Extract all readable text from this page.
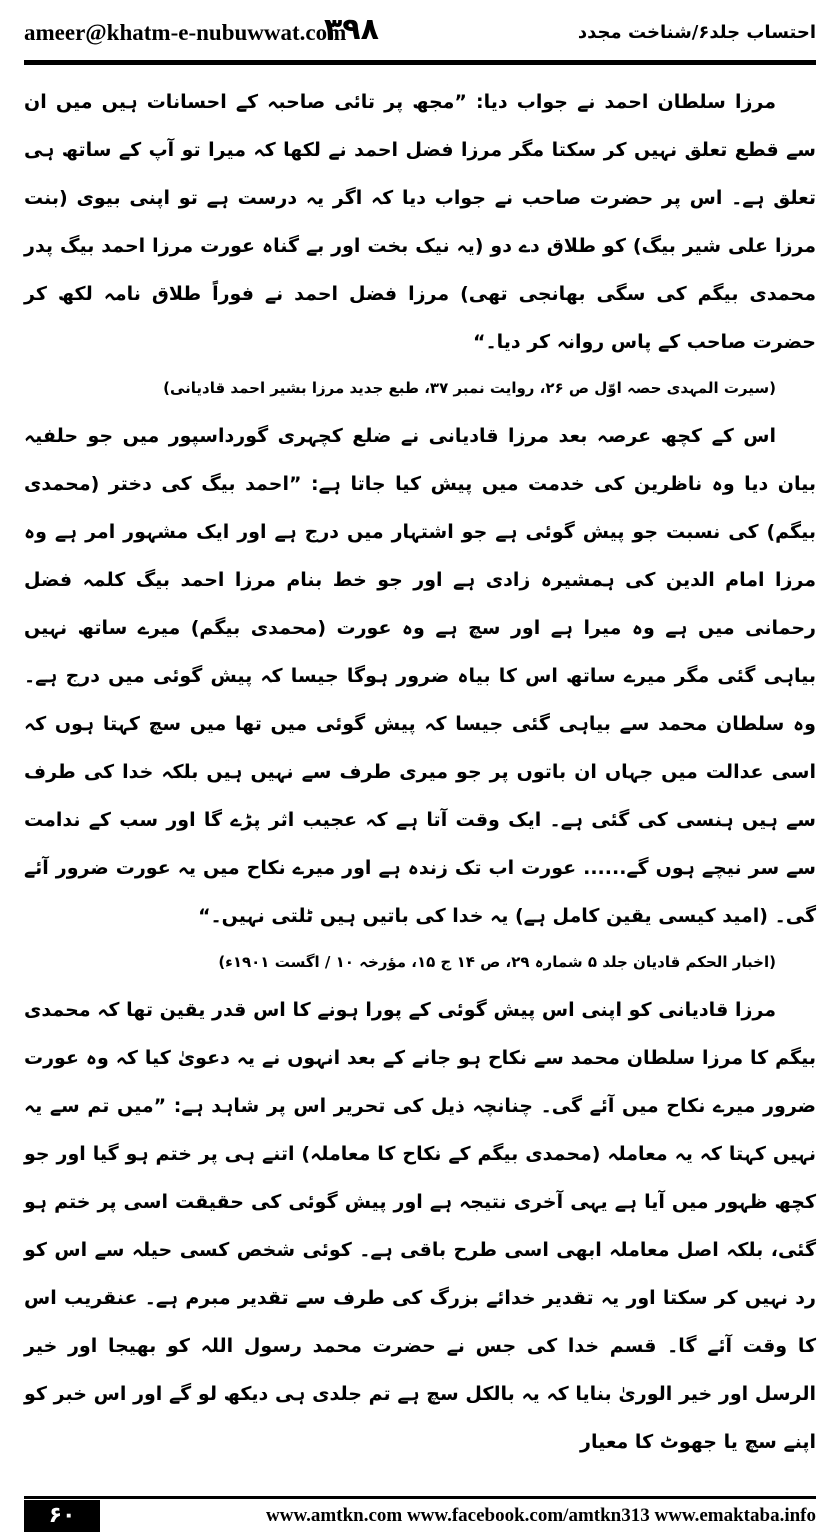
ameer@khatm-e-nubuwwat.com
۳۹۸	احتساب جلد۶/شناخت مجدد

مرزا سلطان احمد نے جواب دیا: ”مجھ پر تائی صاحبہ کے احسانات ہیں میں ان سے قطع تعلق نہیں کر سکتا مگر مرزا فضل احمد نے لکھا کہ میرا تو آپ کے ساتھ ہی تعلق ہے۔ اس پر حضرت صاحب نے جواب دیا کہ اگر یہ درست ہے تو اپنی بیوی (بنت مرزا علی شیر بیگ) کو طلاق دے دو (یہ نیک بخت اور بے گناہ عورت مرزا احمد بیگ پدر محمدی بیگم کی سگی بھانجی تھی) مرزا فضل احمد نے فوراً طلاق نامہ لکھ کر حضرت صاحب کے پاس روانہ کر دیا۔“

(سیرت المہدی حصہ اوّل ص ۲۶، روایت نمبر ۳۷، طبع جدید مرزا بشیر احمد قادیانی)

اس کے کچھ عرصہ بعد مرزا قادیانی نے ضلع کچہری گورداسپور میں جو حلفیہ بیان دیا وہ ناظرین کی خدمت میں پیش کیا جاتا ہے: ”احمد بیگ کی دختر (محمدی بیگم) کی نسبت جو پیش گوئی ہے جو اشتہار میں درج ہے اور ایک مشہور امر ہے وہ مرزا امام الدین کی ہمشیرہ زادی ہے اور جو خط بنام مرزا احمد بیگ کلمہ فضل رحمانی میں ہے وہ میرا ہے اور سچ ہے وہ عورت (محمدی بیگم) میرے ساتھ نہیں بیاہی گئی مگر میرے ساتھ اس کا بیاہ ضرور ہوگا جیسا کہ پیش گوئی میں درج ہے۔ وہ سلطان محمد سے بیاہی گئی جیسا کہ پیش گوئی میں تھا میں سچ کہتا ہوں کہ اسی عدالت میں جہاں ان باتوں پر جو میری طرف سے نہیں ہیں بلکہ خدا کی طرف سے ہیں ہنسی کی گئی ہے۔ ایک وقت آتا ہے کہ عجیب اثر پڑے گا اور سب کے ندامت سے سر نیچے ہوں گے...... عورت اب تک زندہ ہے اور میرے نکاح میں یہ عورت ضرور آئے گی۔ (امید کیسی یقین کامل ہے) یہ خدا کی باتیں ہیں ٹلتی نہیں۔“

(اخبار الحکم قادیان جلد ۵ شمارہ ۲۹، ص ۱۴ ج ۱۵، مؤرخہ ۱۰ / اگست ۱۹۰۱ء)

مرزا قادیانی کو اپنی اس پیش گوئی کے پورا ہونے کا اس قدر یقین تھا کہ محمدی بیگم کا مرزا سلطان محمد سے نکاح ہو جانے کے بعد انہوں نے یہ دعویٰ کیا کہ وہ عورت ضرور میرے نکاح میں آئے گی۔ چنانچہ ذیل کی تحریر اس پر شاہد ہے: ”میں تم سے یہ نہیں کہتا کہ یہ معاملہ (محمدی بیگم کے نکاح کا معاملہ) اتنے ہی پر ختم ہو گیا اور جو کچھ ظہور میں آیا ہے یہی آخری نتیجہ ہے اور پیش گوئی کی حقیقت اسی پر ختم ہو گئی، بلکہ اصل معاملہ ابھی اسی طرح باقی ہے۔ کوئی شخص کسی حیلہ سے اس کو رد نہیں کر سکتا اور یہ تقدیر خدائے بزرگ کی طرف سے تقدیر مبرم ہے۔ عنقریب اس کا وقت آئے گا۔ قسم خدا کی جس نے حضرت محمد رسول اللہ کو بھیجا اور خیر الرسل اور خیر الوریٰ بنایا کہ یہ بالکل سچ ہے تم جلدی ہی دیکھ لو گے اور اس خبر کو اپنے سچ یا جھوٹ کا معیار

۶۰	www.amtkn.com www.facebook.com/amtkn313 www.emaktaba.info
